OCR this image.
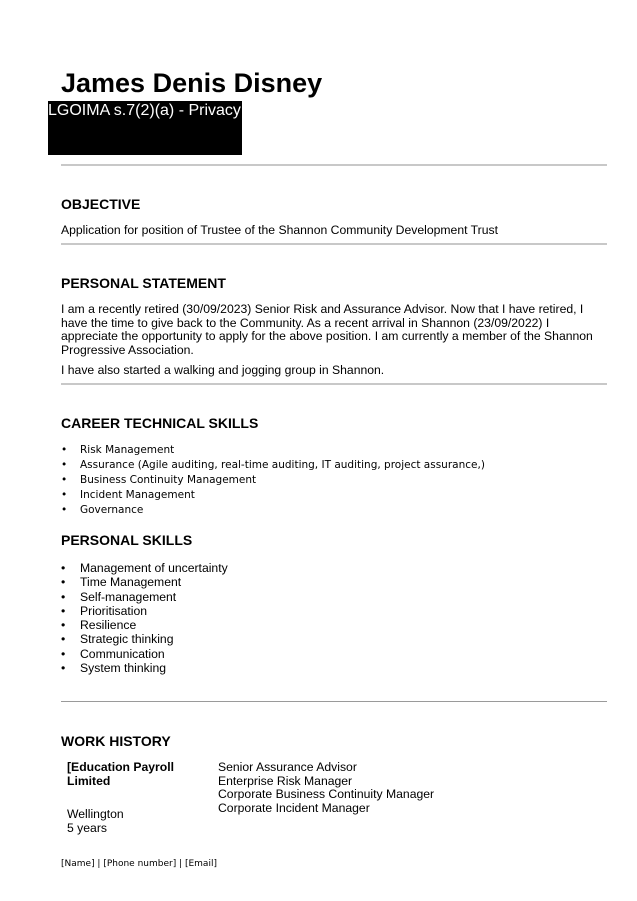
James Denis Disney
LGOIMA s.7(2)(a) - Privacy
OBJECTIVE
Application for position of Trustee of the Shannon Community Development Trust
PERSONAL STATEMENT
I am a recently retired (30/09/2023) Senior Risk and Assurance Advisor. Now that I have retired, I have the time to give back to the Community. As a recent arrival in Shannon (23/09/2022) I appreciate the opportunity to apply for the above position. I am currently a member of the Shannon Progressive Association.
I have also started a walking and jogging group in Shannon.
CAREER TECHNICAL SKILLS
• Risk Management
• Assurance (Agile auditing, real-time auditing, IT auditing, project assurance,)
• Business Continuity Management
• Incident Management
• Governance
PERSONAL SKILLS
• Management of uncertainty
• Time Management
• Self-management
• Prioritisation
• Resilience
• Strategic thinking
• Communication
• System thinking
WORK HISTORY
[Education Payroll
Limited
Wellington
5 years
Senior Assurance Advisor
Enterprise Risk Manager
Corporate Business Continuity Manager
Corporate Incident Manager
[Name] | [Phone number] | [Email]
